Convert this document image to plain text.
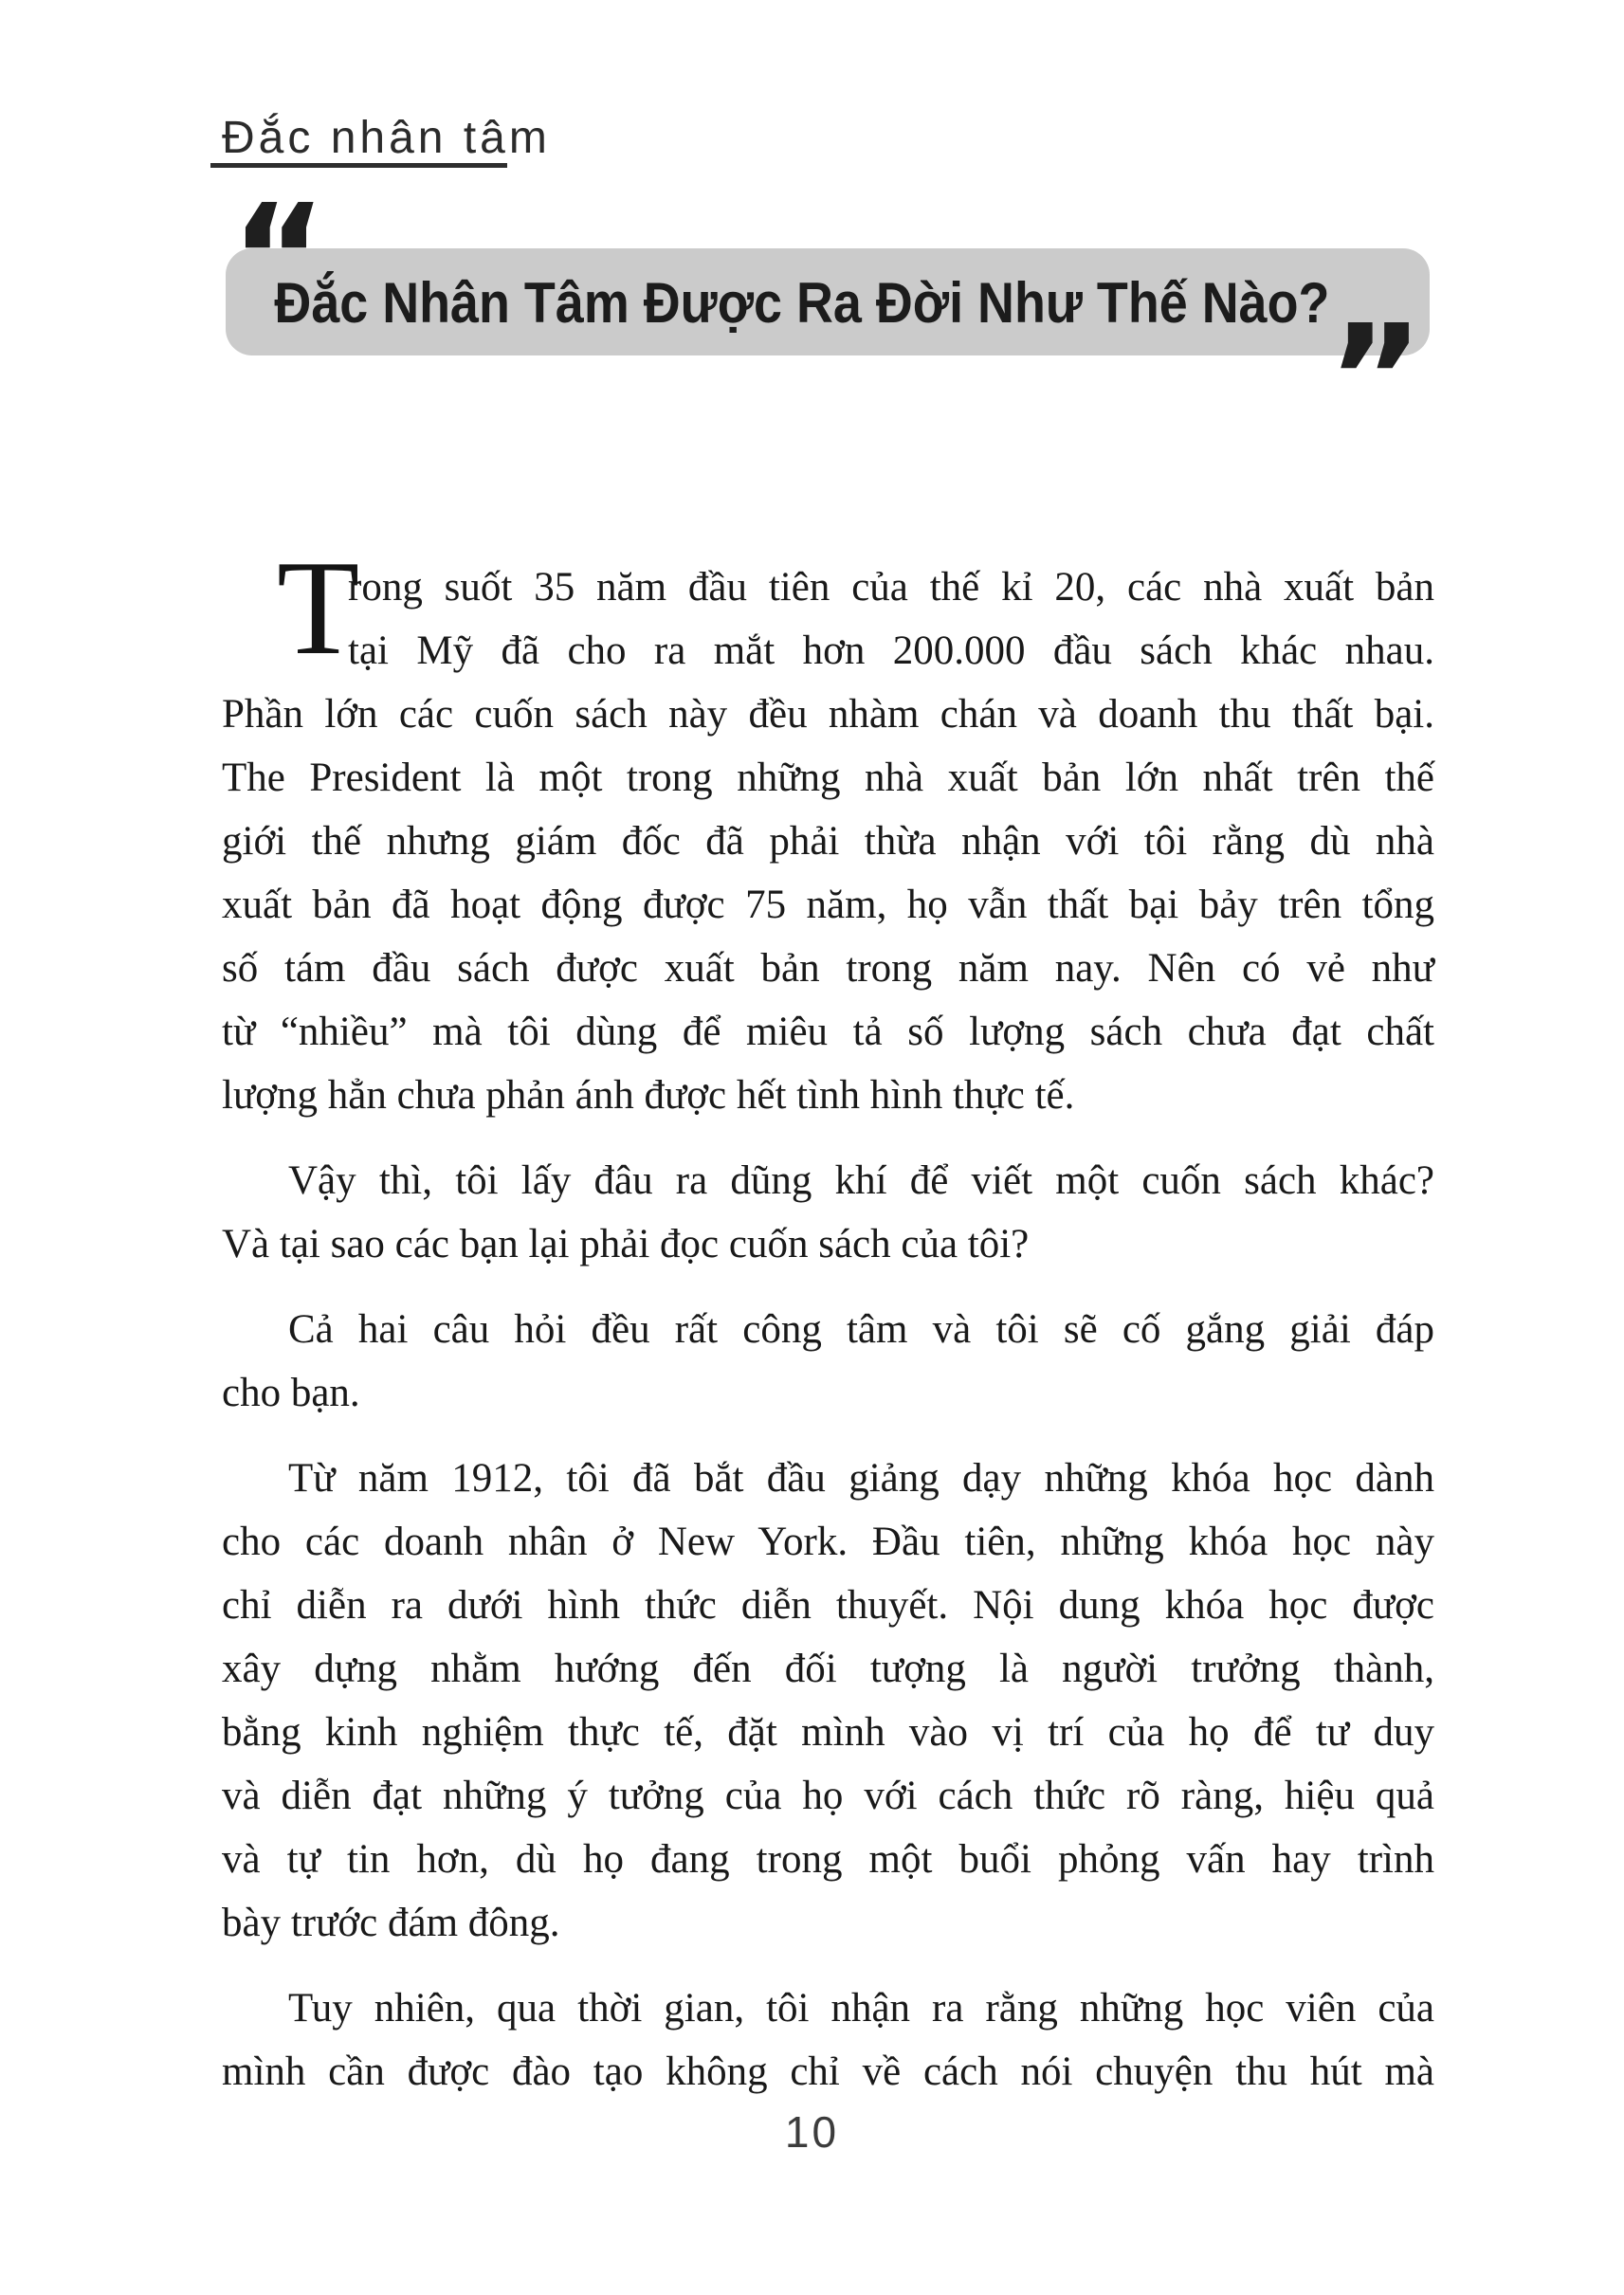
Đắc nhân tâm
Đắc Nhân Tâm Được Ra Đời Như Thế Nào?
”
T
rong suốt 35 năm đầu tiên của thế kỉ 20, các nhà xuất bản
tại Mỹ đã cho ra mắt hơn 200.000 đầu sách khác nhau.
Phần lớn các cuốn sách này đều nhàm chán và doanh thu thất bại.
The President là một trong những nhà xuất bản lớn nhất trên thế
giới thế nhưng giám đốc đã phải thừa nhận với tôi rằng dù nhà
xuất bản đã hoạt động được 75 năm, họ vẫn thất bại bảy trên tổng
số tám đầu sách được xuất bản trong năm nay. Nên có vẻ như
từ “nhiều” mà tôi dùng để miêu tả số lượng sách chưa đạt chất
lượng hẳn chưa phản ánh được hết tình hình thực tế.
Vậy thì, tôi lấy đâu ra dũng khí để viết một cuốn sách khác?
Và tại sao các bạn lại phải đọc cuốn sách của tôi?
Cả hai câu hỏi đều rất công tâm và tôi sẽ cố gắng giải đáp
cho bạn.
Từ năm 1912, tôi đã bắt đầu giảng dạy những khóa học dành
cho các doanh nhân ở New York. Đầu tiên, những khóa học này
chỉ diễn ra dưới hình thức diễn thuyết. Nội dung khóa học được
xây dựng nhằm hướng đến đối tượng là người trưởng thành,
bằng kinh nghiệm thực tế, đặt mình vào vị trí của họ để tư duy
và diễn đạt những ý tưởng của họ với cách thức rõ ràng, hiệu quả
và tự tin hơn, dù họ đang trong một buổi phỏng vấn hay trình
bày trước đám đông.
Tuy nhiên, qua thời gian, tôi nhận ra rằng những học viên của
mình cần được đào tạo không chỉ về cách nói chuyện thu hút mà
10
